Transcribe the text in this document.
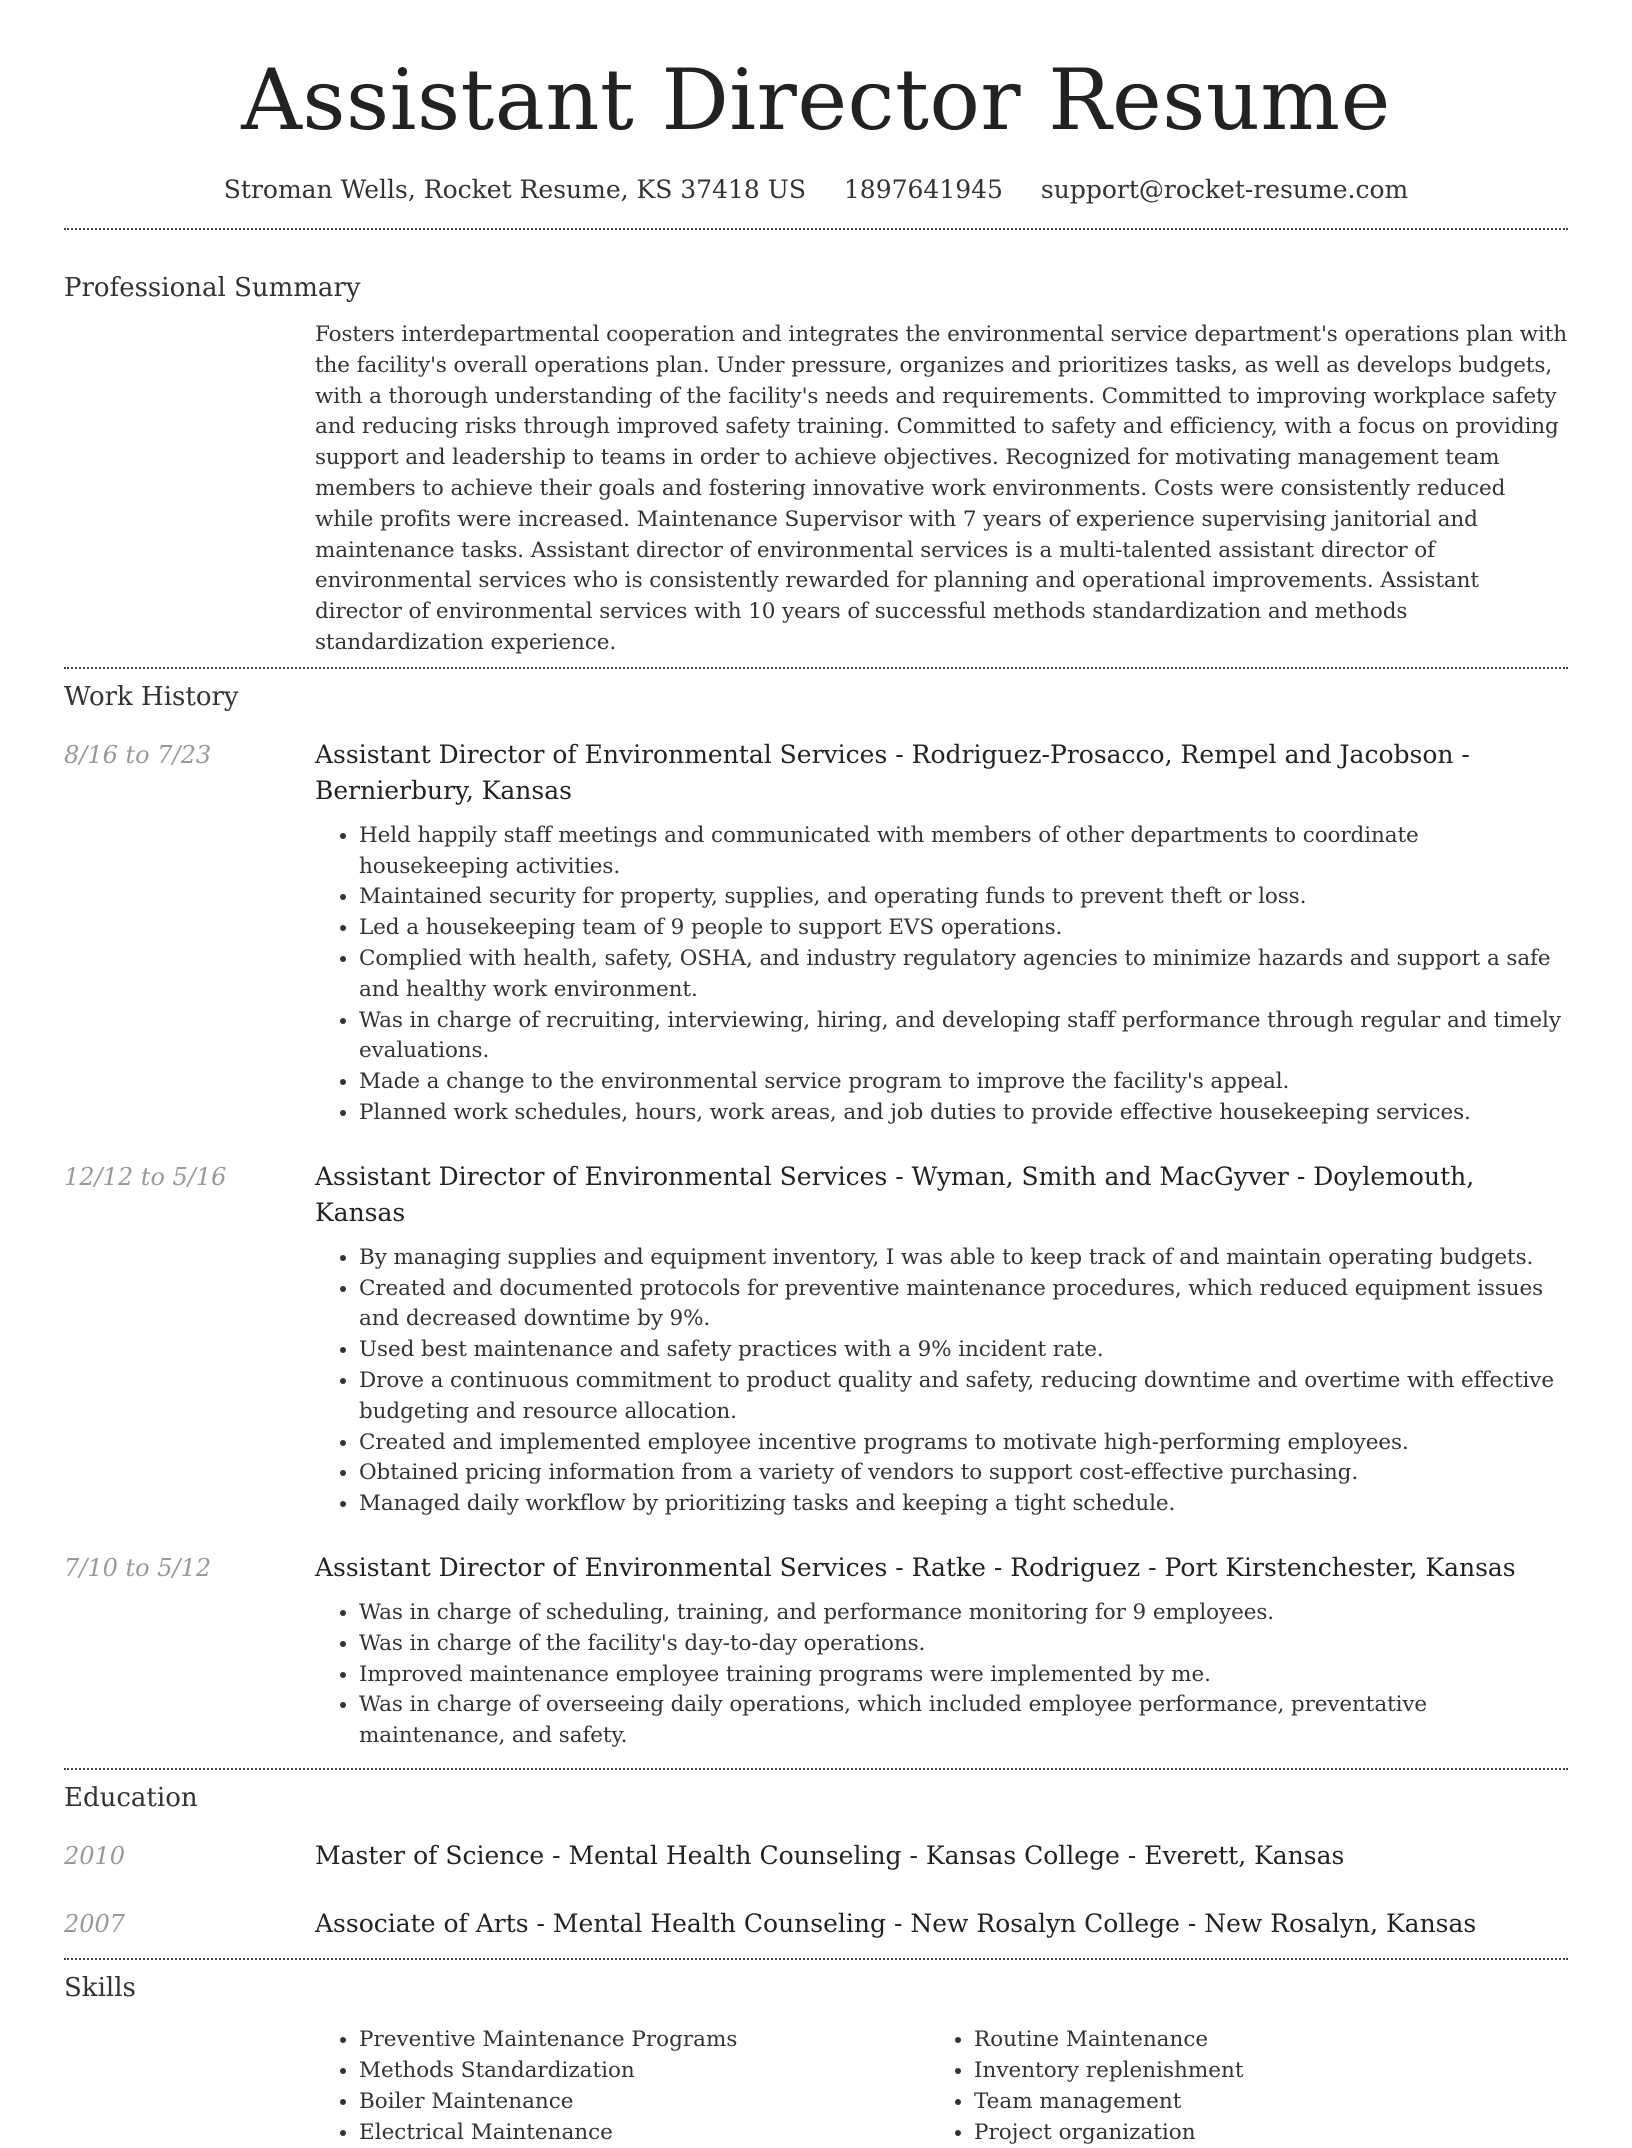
Assistant Director Resume
Stroman Wells, Rocket Resume, KS 37418 US 1897641945 support@rocket-resume.com
Professional Summary
Fosters interdepartmental cooperation and integrates the environmental service department's operations plan with the facility's overall operations plan. Under pressure, organizes and prioritizes tasks, as well as develops budgets, with a thorough understanding of the facility's needs and requirements. Committed to improving workplace safety and reducing risks through improved safety training. Committed to safety and efficiency, with a focus on providing support and leadership to teams in order to achieve objectives. Recognized for motivating management team members to achieve their goals and fostering innovative work environments. Costs were consistently reduced while profits were increased. Maintenance Supervisor with 7 years of experience supervising janitorial and maintenance tasks. Assistant director of environmental services is a multi-talented assistant director of environmental services who is consistently rewarded for planning and operational improvements. Assistant director of environmental services with 10 years of successful methods standardization and methods standardization experience.
Work History
8/16 to 7/23	Assistant Director of Environmental Services - Rodriguez-Prosacco, Rempel and Jacobson - Bernierbury, Kansas
• Held happily staff meetings and communicated with members of other departments to coordinate housekeeping activities.
• Maintained security for property, supplies, and operating funds to prevent theft or loss.
• Led a housekeeping team of 9 people to support EVS operations.
• Complied with health, safety, OSHA, and industry regulatory agencies to minimize hazards and support a safe and healthy work environment.
• Was in charge of recruiting, interviewing, hiring, and developing staff performance through regular and timely evaluations.
• Made a change to the environmental service program to improve the facility's appeal.
• Planned work schedules, hours, work areas, and job duties to provide effective housekeeping services.
12/12 to 5/16	Assistant Director of Environmental Services - Wyman, Smith and MacGyver - Doylemouth, Kansas
• By managing supplies and equipment inventory, I was able to keep track of and maintain operating budgets.
• Created and documented protocols for preventive maintenance procedures, which reduced equipment issues and decreased downtime by 9%.
• Used best maintenance and safety practices with a 9% incident rate.
• Drove a continuous commitment to product quality and safety, reducing downtime and overtime with effective budgeting and resource allocation.
• Created and implemented employee incentive programs to motivate high-performing employees.
• Obtained pricing information from a variety of vendors to support cost-effective purchasing.
• Managed daily workflow by prioritizing tasks and keeping a tight schedule.
7/10 to 5/12	Assistant Director of Environmental Services - Ratke - Rodriguez - Port Kirstenchester, Kansas
• Was in charge of scheduling, training, and performance monitoring for 9 employees.
• Was in charge of the facility's day-to-day operations.
• Improved maintenance employee training programs were implemented by me.
• Was in charge of overseeing daily operations, which included employee performance, preventative maintenance, and safety.
Education
2010	Master of Science - Mental Health Counseling - Kansas College - Everett, Kansas
2007	Associate of Arts - Mental Health Counseling - New Rosalyn College - New Rosalyn, Kansas
Skills
• Preventive Maintenance Programs
• Methods Standardization
• Boiler Maintenance
• Electrical Maintenance
• Routine Maintenance
• Inventory replenishment
• Team management
• Project organization
